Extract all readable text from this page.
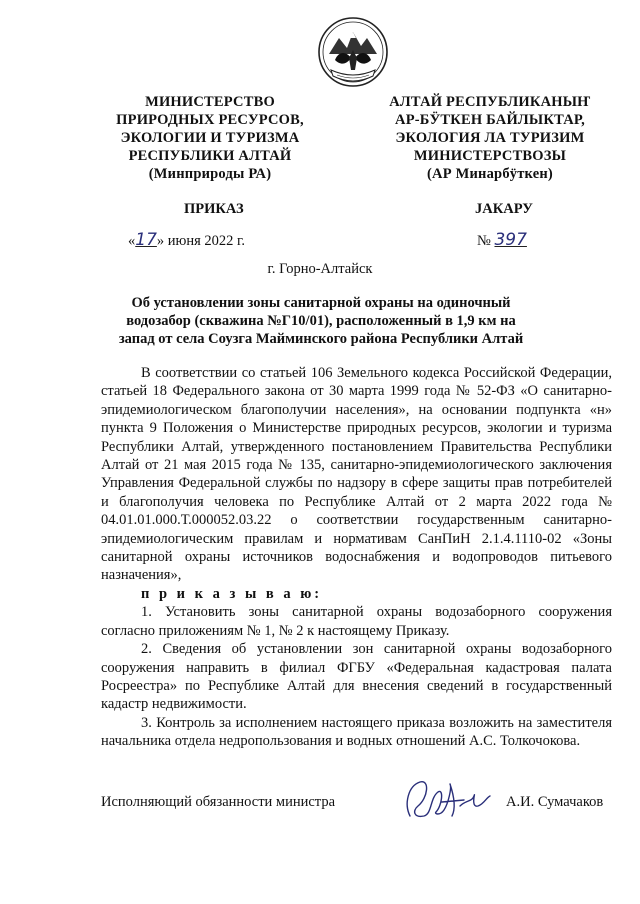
МИНИСТЕРСТВО
ПРИРОДНЫХ РЕСУРСОВ,
ЭКОЛОГИИ И ТУРИЗМА
РЕСПУБЛИКИ АЛТАЙ
(Минприроды РА)
АЛТАЙ РЕСПУБЛИКАНЫҤ
АР-БӰТКЕН БАЙЛЫКТАР,
ЭКОЛОГИЯ ЛА ТУРИЗИМ
МИНИСТЕРСТВОЗЫ
(АР Минарбӱткен)
ПРИКАЗ	JАКАРУ
«17» июня 2022 г.	№ 397
г. Горно-Алтайск
Об установлении зоны санитарной охраны на одиночный водозабор (скважина №Г10/01), расположенный в 1,9 км на запад от села Соузга Майминского района Республики Алтай

В соответствии со статьей 106 Земельного кодекса Российской Федерации, статьей 18 Федерального закона от 30 марта 1999 года № 52-ФЗ «О санитарно-эпидемиологическом благополучии населения», на основании подпункта «н» пункта 9 Положения о Министерстве природных ресурсов, экологии и туризма Республики Алтай, утвержденного постановлением Правительства Республики Алтай от 21 мая 2015 года № 135, санитарно-эпидемиологического заключения Управления Федеральной службы по надзору в сфере защиты прав потребителей и благополучия человека по Республике Алтай от 2 марта 2022 года № 04.01.01.000.Т.000052.03.22 о соответствии государственным санитарно-эпидемиологическим правилам и нормативам СанПиН 2.1.4.1110-02 «Зоны санитарной охраны источников водоснабжения и водопроводов питьевого назначения»,

п р и к а з ы в а ю:

1. Установить зоны санитарной охраны водозаборного сооружения согласно приложениям № 1, № 2 к настоящему Приказу.

2. Сведения об установлении зон санитарной охраны водозаборного сооружения направить в филиал ФГБУ «Федеральная кадастровая палата Росреестра» по Республике Алтай для внесения сведений в государственный кадастр недвижимости.

3. Контроль за исполнением настоящего приказа возложить на заместителя начальника отдела недропользования и водных отношений А.С. Толкочокова.

Исполняющий обязанности министра	А.И. Сумачаков
